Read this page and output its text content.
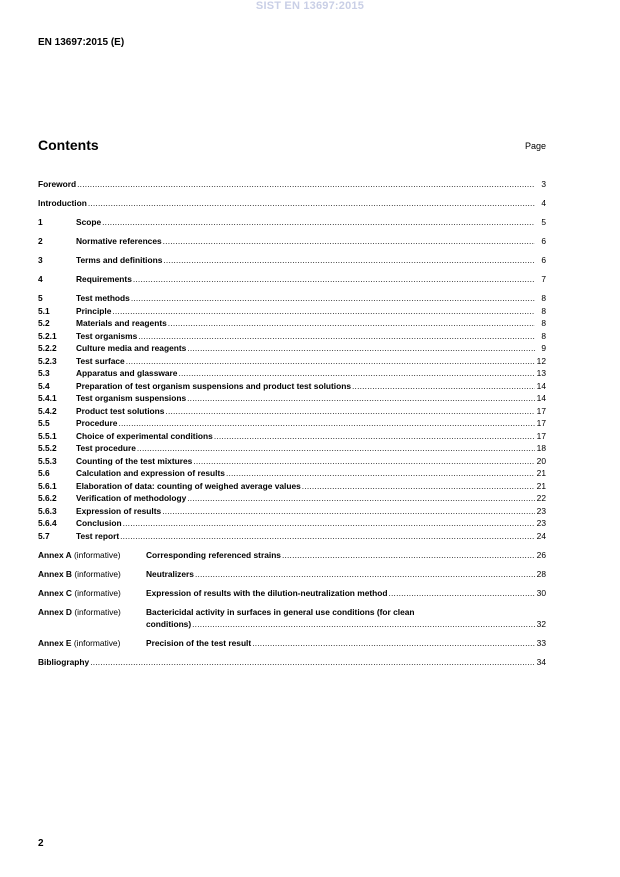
SIST EN 13697:2015
EN 13697:2015 (E)
Contents	Page
Foreword .....	3
Introduction .....	4
1	Scope .....	5
2	Normative references .....	6
3	Terms and definitions .....	6
4	Requirements .....	7
5	Test methods .....	8
5.1	Principle .....	8
5.2	Materials and reagents .....	8
5.2.1	Test organisms .....	8
5.2.2	Culture media and reagents .....	9
5.2.3	Test surface .....	12
5.3	Apparatus and glassware .....	13
5.4	Preparation of test organism suspensions and product test solutions .....	14
5.4.1	Test organism suspensions .....	14
5.4.2	Product test solutions .....	17
5.5	Procedure .....	17
5.5.1	Choice of experimental conditions .....	17
5.5.2	Test procedure .....	18
5.5.3	Counting of the test mixtures .....	20
5.6	Calculation and expression of results .....	21
5.6.1	Elaboration of data: counting of weighed average values .....	21
5.6.2	Verification of methodology .....	22
5.6.3	Expression of results .....	23
5.6.4	Conclusion .....	23
5.7	Test report .....	24
Annex A (informative)	Corresponding referenced strains .....	26
Annex B (informative)	Neutralizers .....	28
Annex C (informative)	Expression of results with the dilution-neutralization method .....	30
Annex D (informative)	Bactericidal activity in surfaces in general use conditions (for clean
conditions) .....	32
Annex E (informative)	Precision of the test result .....	33
Bibliography .....	34
2
